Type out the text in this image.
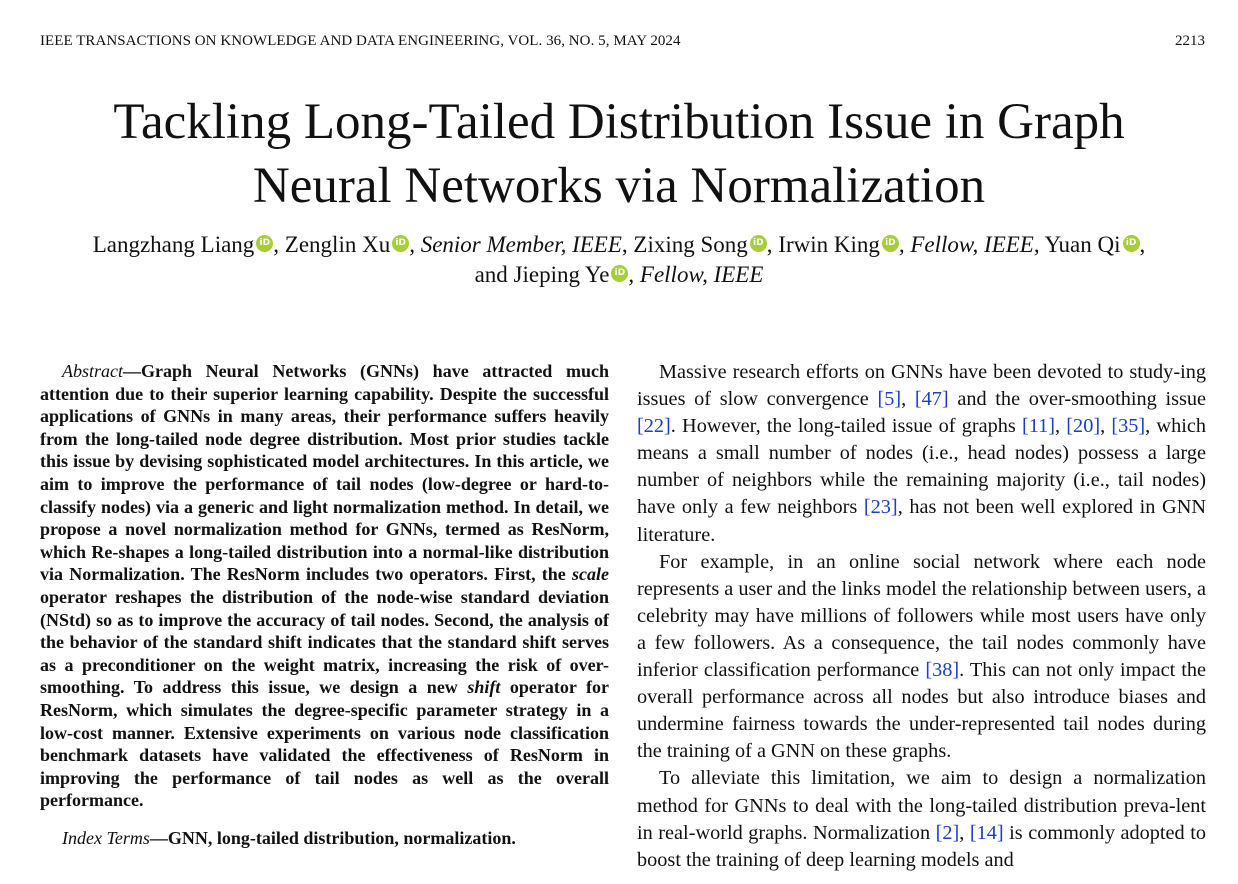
IEEE TRANSACTIONS ON KNOWLEDGE AND DATA ENGINEERING, VOL. 36, NO. 5, MAY 2024	2213
Tackling Long-Tailed Distribution Issue in Graph
Neural Networks via Normalization
Langzhang Liang iD , Zenglin Xu iD , Senior Member, IEEE, Zixing Song iD , Irwin King iD , Fellow, IEEE, Yuan Qi iD ,
and Jieping Ye iD , Fellow, IEEE

Abstract—Graph Neural Networks (GNNs) have attracted much attention due to their superior learning capability. Despite the successful applications of GNNs in many areas, their performance suffers heavily from the long-tailed node degree distribution. Most prior studies tackle this issue by devising sophisticated model architectures. In this article, we aim to improve the performance of tail nodes (low-degree or hard-to-classify nodes) via a generic and light normalization method. In detail, we propose a novel normalization method for GNNs, termed as ResNorm, which Re-shapes a long-tailed distribution into a normal-like distribution via Normalization. The ResNorm includes two operators. First, the scale operator reshapes the distribution of the node-wise standard deviation (NStd) so as to improve the accuracy of tail nodes. Second, the analysis of the behavior of the standard shift indicates that the standard shift serves as a preconditioner on the weight matrix, increasing the risk of over-smoothing. To address this issue, we design a new shift operator for ResNorm, which simulates the degree-specific parameter strategy in a low-cost manner. Extensive experiments on various node classification benchmark datasets have validated the effectiveness of ResNorm in improving the performance of tail nodes as well as the overall performance.

Index Terms—GNN, long-tailed distribution, normalization.

Massive research efforts on GNNs have been devoted to study-ing issues of slow convergence [5], [47] and the over-smoothing issue [22]. However, the long-tailed issue of graphs [11], [20], [35], which means a small number of nodes (i.e., head nodes) possess a large number of neighbors while the remaining majority (i.e., tail nodes) have only a few neighbors [23], has not been well explored in GNN literature.

For example, in an online social network where each node represents a user and the links model the relationship between users, a celebrity may have millions of followers while most users have only a few followers. As a consequence, the tail nodes commonly have inferior classification performance [38]. This can not only impact the overall performance across all nodes but also introduce biases and undermine fairness towards the under-represented tail nodes during the training of a GNN on these graphs.

To alleviate this limitation, we aim to design a normalization method for GNNs to deal with the long-tailed distribution preva-lent in real-world graphs. Normalization [2], [14] is commonly adopted to boost the training of deep learning models and
